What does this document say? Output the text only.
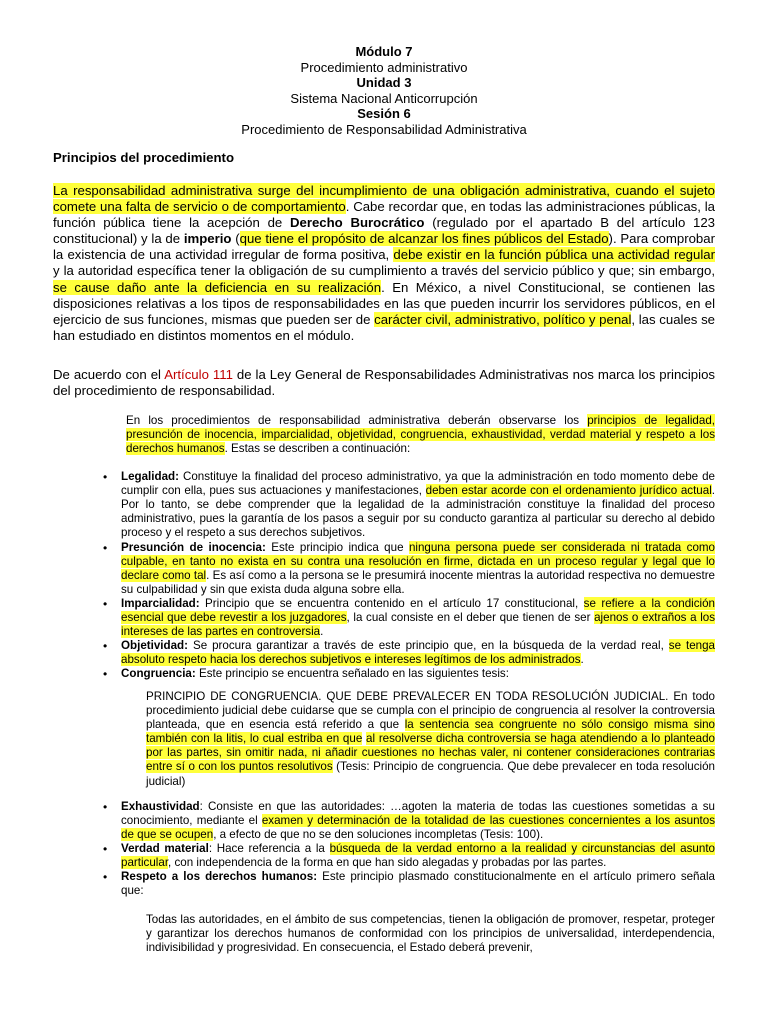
Módulo 7
Procedimiento administrativo
Unidad 3
Sistema Nacional Anticorrupción
Sesión 6
Procedimiento de Responsabilidad Administrativa
Principios del procedimiento
La responsabilidad administrativa surge del incumplimiento de una obligación administrativa, cuando el sujeto comete una falta de servicio o de comportamiento. Cabe recordar que, en todas las administraciones públicas, la función pública tiene la acepción de Derecho Burocrático (regulado por el apartado B del artículo 123 constitucional) y la de imperio (que tiene el propósito de alcanzar los fines públicos del Estado). Para comprobar la existencia de una actividad irregular de forma positiva, debe existir en la función pública una actividad regular y la autoridad específica tener la obligación de su cumplimiento a través del servicio público y que; sin embargo, se cause daño ante la deficiencia en su realización. En México, a nivel Constitucional, se contienen las disposiciones relativas a los tipos de responsabilidades en las que pueden incurrir los servidores públicos, en el ejercicio de sus funciones, mismas que pueden ser de carácter civil, administrativo, político y penal, las cuales se han estudiado en distintos momentos en el módulo.
De acuerdo con el Artículo 111 de la Ley General de Responsabilidades Administrativas nos marca los principios del procedimiento de responsabilidad.
En los procedimientos de responsabilidad administrativa deberán observarse los principios de legalidad, presunción de inocencia, imparcialidad, objetividad, congruencia, exhaustividad, verdad material y respeto a los derechos humanos. Estas se describen a continuación:
• Legalidad: Constituye la finalidad del proceso administrativo, ya que la administración en todo momento debe de cumplir con ella, pues sus actuaciones y manifestaciones, deben estar acorde con el ordenamiento jurídico actual. Por lo tanto, se debe comprender que la legalidad de la administración constituye la finalidad del proceso administrativo, pues la garantía de los pasos a seguir por su conducto garantiza al particular su derecho al debido proceso y el respeto a sus derechos subjetivos.
• Presunción de inocencia: Este principio indica que ninguna persona puede ser considerada ni tratada como culpable, en tanto no exista en su contra una resolución en firme, dictada en un proceso regular y legal que lo declare como tal. Es así como a la persona se le presumirá inocente mientras la autoridad respectiva no demuestre su culpabilidad y sin que exista duda alguna sobre ella.
• Imparcialidad: Principio que se encuentra contenido en el artículo 17 constitucional, se refiere a la condición esencial que debe revestir a los juzgadores, la cual consiste en el deber que tienen de ser ajenos o extraños a los intereses de las partes en controversia.
• Objetividad: Se procura garantizar a través de este principio que, en la búsqueda de la verdad real, se tenga absoluto respeto hacia los derechos subjetivos e intereses legítimos de los administrados.
• Congruencia: Este principio se encuentra señalado en las siguientes tesis:
PRINCIPIO DE CONGRUENCIA. QUE DEBE PREVALECER EN TODA RESOLUCIÓN JUDICIAL. En todo procedimiento judicial debe cuidarse que se cumpla con el principio de congruencia al resolver la controversia planteada, que en esencia está referido a que la sentencia sea congruente no sólo consigo misma sino también con la litis, lo cual estriba en que al resolverse dicha controversia se haga atendiendo a lo planteado por las partes, sin omitir nada, ni añadir cuestiones no hechas valer, ni contener consideraciones contrarias entre sí o con los puntos resolutivos (Tesis: Principio de congruencia. Que debe prevalecer en toda resolución judicial)
• Exhaustividad: Consiste en que las autoridades: …agoten la materia de todas las cuestiones sometidas a su conocimiento, mediante el examen y determinación de la totalidad de las cuestiones concernientes a los asuntos de que se ocupen, a efecto de que no se den soluciones incompletas (Tesis: 100).
• Verdad material: Hace referencia a la búsqueda de la verdad entorno a la realidad y circunstancias del asunto particular, con independencia de la forma en que han sido alegadas y probadas por las partes.
• Respeto a los derechos humanos: Este principio plasmado constitucionalmente en el artículo primero señala que:
Todas las autoridades, en el ámbito de sus competencias, tienen la obligación de promover, respetar, proteger y garantizar los derechos humanos de conformidad con los principios de universalidad, interdependencia, indivisibilidad y progresividad. En consecuencia, el Estado deberá prevenir,
